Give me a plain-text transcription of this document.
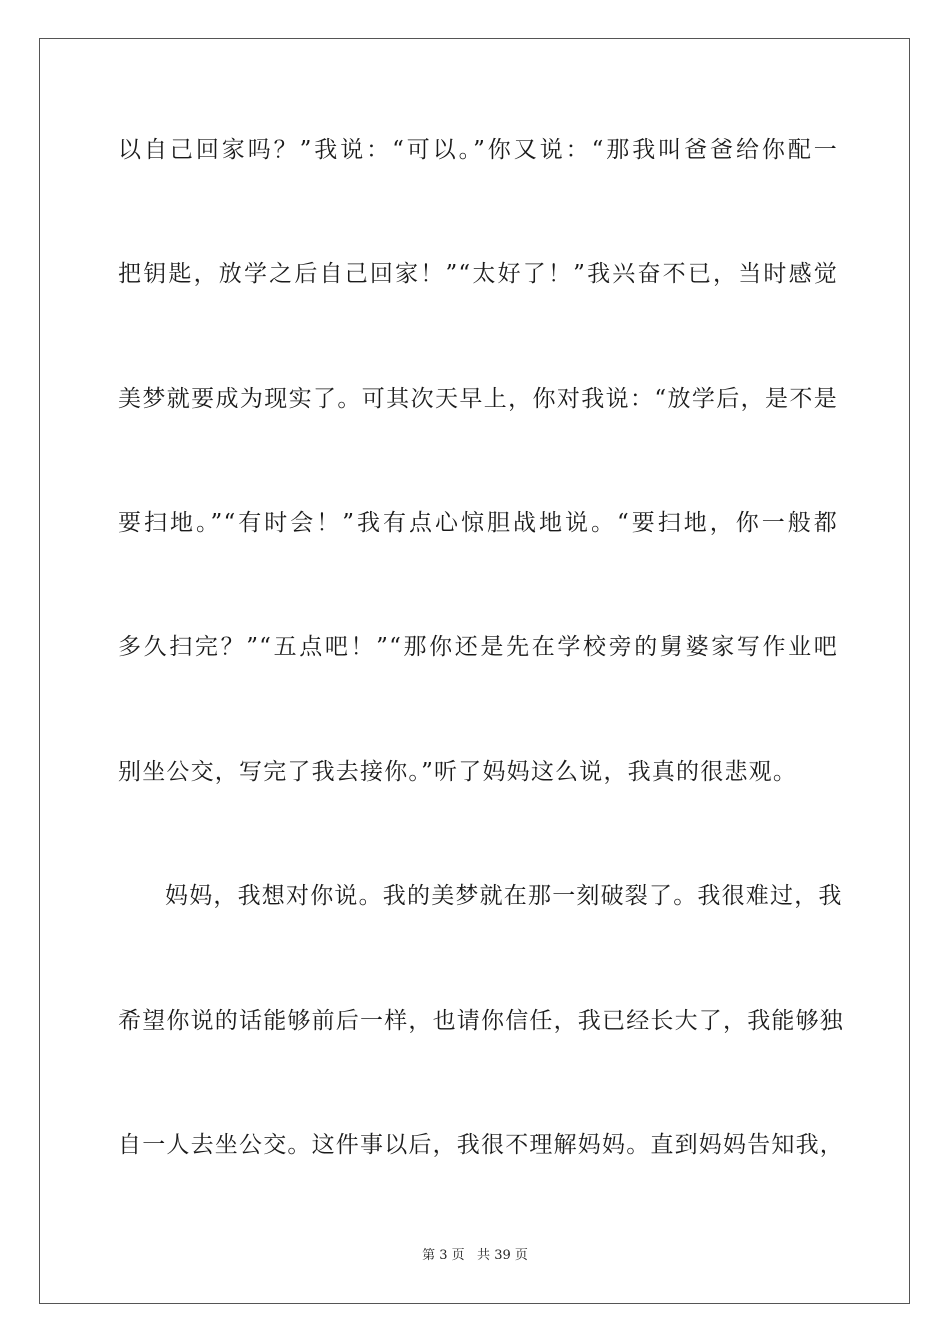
以自己回家吗？”我说：“可以。”你又说：“那我叫爸爸给你配一
把钥匙，放学之后自己回家！”“太好了！”我兴奋不已，当时感觉
美梦就要成为现实了。可其次天早上，你对我说：“放学后，是不是
要扫地。”“有时会！”我有点心惊胆战地说。“要扫地，你一般都
多久扫完？”“五点吧！”“那你还是先在学校旁的舅婆家写作业吧
别坐公交，写完了我去接你。”听了妈妈这么说，我真的很悲观。
妈妈，我想对你说。我的美梦就在那一刻破裂了。我很难过，我
希望你说的话能够前后一样，也请你信任，我已经长大了，我能够独
自一人去坐公交。这件事以后，我很不理解妈妈。直到妈妈告知我，
第 3 页   共 39 页
